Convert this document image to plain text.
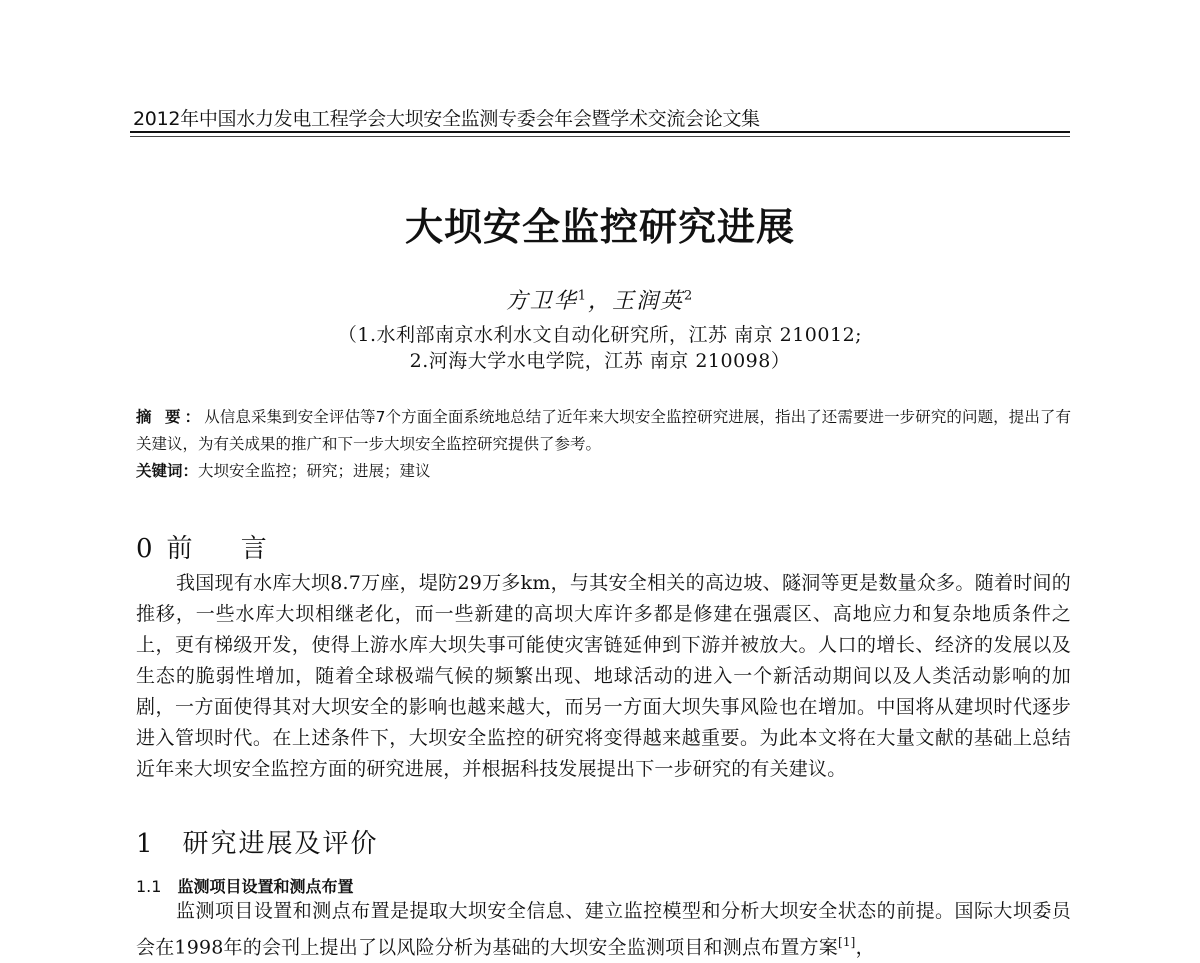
2012年中国水力发电工程学会大坝安全监测专委会年会暨学术交流会论文集
大坝安全监控研究进展
方卫华$^1$，王润英$^2$
（1.水利部南京水利水文自动化研究所，江苏 南京 210012;
2.河海大学水电学院，江苏 南京 210098）
摘 要：从信息采集到安全评估等7个方面全面系统地总结了近年来大坝安全监控研究进展，指出了还需要进一步研究的问题，提出了有关建议，为有关成果的推广和下一步大坝安全监控研究提供了参考。
关键词：大坝安全监控；研究；进展；建议
0 前 言
我国现有水库大坝8.7万座，堤防29万多km，与其安全相关的高边坡、隧洞等更是数量众多。随着时间的推移，一些水库大坝相继老化，而一些新建的高坝大库许多都是修建在强震区、高地应力和复杂地质条件之上，更有梯级开发，使得上游水库大坝失事可能使灾害链延伸到下游并被放大。人口的增长、经济的发展以及生态的脆弱性增加，随着全球极端气候的频繁出现、地球活动的进入一个新活动期间以及人类活动影响的加剧，一方面使得其对大坝安全的影响也越来越大，而另一方面大坝失事风险也在增加。中国将从建坝时代逐步进入管坝时代。在上述条件下，大坝安全监控的研究将变得越来越重要。为此本文将在大量文献的基础上总结近年来大坝安全监控方面的研究进展，并根据科技发展提出下一步研究的有关建议。
1 研究进展及评价
1.1 监测项目设置和测点布置
监测项目设置和测点布置是提取大坝安全信息、建立监控模型和分析大坝安全状态的前提。国际大坝委员会在1998年的会刊上提出了以风险分析为基础的大坝安全监测项目和测点布置方案[1]，
